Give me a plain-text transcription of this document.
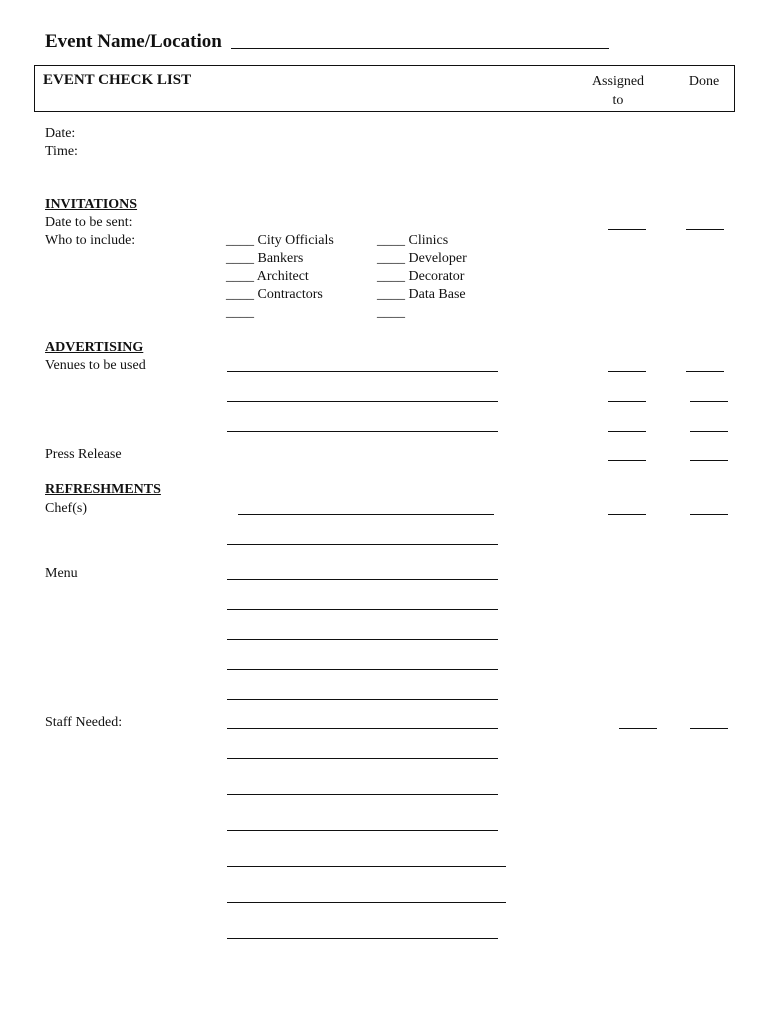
Event Name/Location
EVENT CHECK LIST	Assigned
to
Done
Date:
Time:
INVITATIONS
Date to be sent:
Who to include:	____ City Officials
____ Bankers
____ Architect
____ Contractors
____
____ Clinics
____ Developer
____ Decorator
____ Data Base
____
ADVERTISING
Venues to be used
Press Release
REFRESHMENTS
Chef(s)
Menu
Staff Needed:
